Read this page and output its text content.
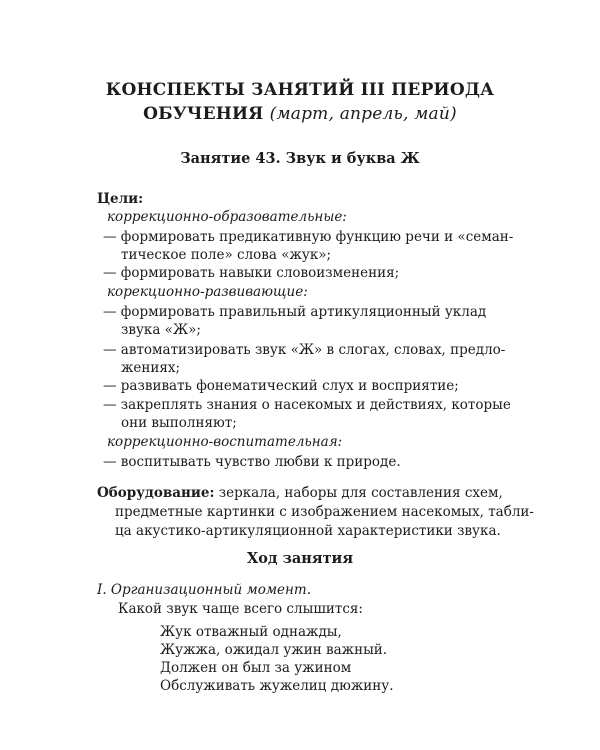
КОНСПЕКТЫ ЗАНЯТИЙ III ПЕРИОДА
ОБУЧЕНИЯ (март, апрель, май)
Занятие 43. Звук и буква Ж
Цели:
коррекционно-образовательные:
— формировать предикативную функцию речи и «семан-
тическое поле» слова «жук»;
— формировать навыки словоизменения;
корекционно-развивающие:
— формировать правильный артикуляционный уклад
звука «Ж»;
— автоматизировать звук «Ж» в слогах, словах, предло-
жениях;
— развивать фонематический слух и восприятие;
— закреплять знания о насекомых и действиях, которые
они выполняют;
коррекционно-воспитательная:
— воспитывать чувство любви к природе.
Оборудование: зеркала, наборы для составления схем,
предметные картинки с изображением насекомых, табли-
ца акустико-артикуляционной характеристики звука.
Ход занятия
I. Организационный момент.
Какой звук чаще всего слышится:
Жук отважный однажды,
Жужжа, ожидал ужин важный.
Должен он был за ужином
Обслуживать жужелиц дюжину.
